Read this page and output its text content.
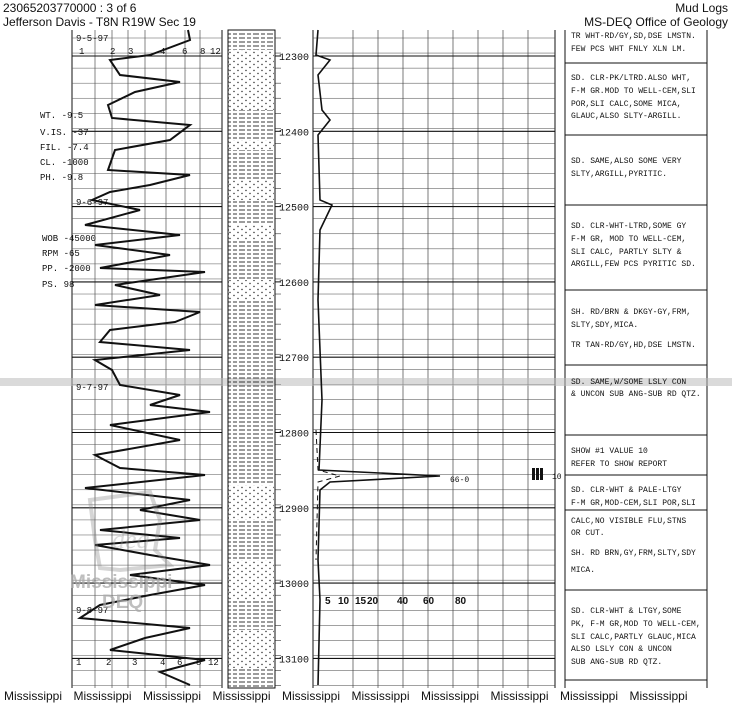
23065203770000 : 3 of 6
Jefferson Davis - T8N R19W Sec 19
Mud Logs
MS-DEQ Office of Geology
12300
12400
12500
12600
12700
12800
12900
13000
13100
1	2 3	4 6 8 12
1	2 3	4 6 8 12
9-5-97
9-6-97
9-7-97
9-8-97
WT. -9.5
V.IS. -37
FIL. -7.4
CL. -1000
PH. -9.8
WOB -45000
RPM -65
PP. -2000
PS. 98
5 10 15 20 40 60 80
66-0	10
TR WHT-RD/GY,SD,DSE LMSTN.
FEW PCS WHT FNLY XLN LM.
SD. CLR-PK/LTRD.ALSO WHT,
F-M GR.MOD TO WELL-CEM,SLI
POR,SLI CALC,SOME MICA,
GLAUC,ALSO SLTY-ARGILL.
SD. SAME,ALSO SOME VERY
SLTY,ARGILL,PYRITIC.
SD. CLR-WHT-LTRD,SOME GY
F-M GR, MOD TO WELL-CEM,
SLI CALC, PARTLY SLTY &
ARGILL,FEW PCS PYRITIC SD.
SH. RD/BRN & DKGY-GY,FRM,
SLTY,SDY,MICA.
TR TAN-RD/GY,HD,DSE LMSTN.
SD. SAME,W/SOME LSLY CON
& UNCON SUB ANG-SUB RD QTZ.
SHOW #1 VALUE 10
REFER TO SHOW REPORT
SD. CLR-WHT & PALE-LTGY
F-M GR,MOD-CEM,SLI POR,SLI
CALC,NO VISIBLE FLU,STNS
OR CUT.
SH. RD BRN,GY,FRM,SLTY,SDY
MICA.
SD. CLR-WHT & LTGY,SOME
PK, F-M GR,MOD TO WELL-CEM,
SLI CALC,PARTLY GLAUC,MICA
ALSO LSLY CON & UNCON
SUB ANG-SUB RD QTZ.
deq
Mississippi
DEQ
Mississippi Mississippi Mississippi Mississippi Mississippi Mississippi Mississippi Mississippi Mississippi Mississippi
